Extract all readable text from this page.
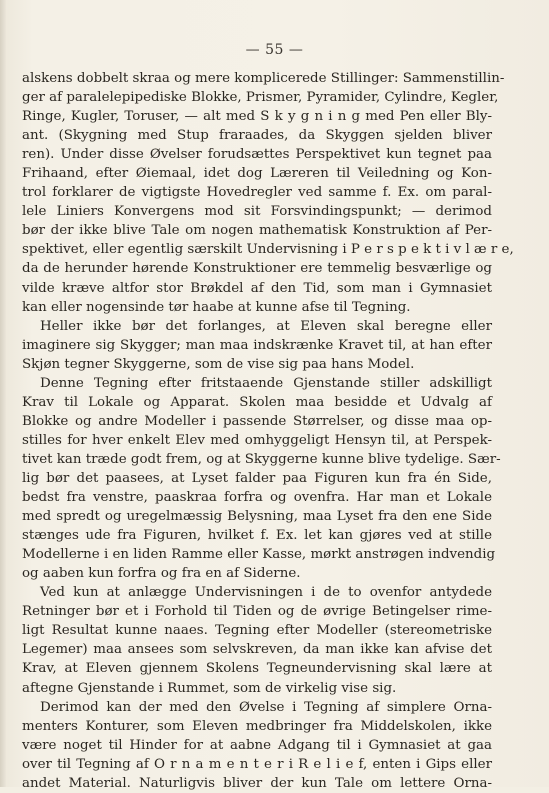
— 55 —
alskens dobbelt skraa og mere komplicerede Stillinger: Sammenstillin-
ger af paralelepipediske Blokke, Prismer, Pyramider, Cylindre, Kegler,
Ringe, Kugler, Toruser, — alt med S k y g n i n g med Pen eller Bly-
ant. (Skygning med Stup fraraades, da Skyggen sjelden bliver
ren). Under disse Øvelser forudsættes Perspektivet kun tegnet paa
Frihaand, efter Øiemaal, idet dog Læreren til Veiledning og Kon-
trol forklarer de vigtigste Hovedregler ved samme f. Ex. om paral-
lele Liniers Konvergens mod sit Forsvindingspunkt; — derimod
bør der ikke blive Tale om nogen mathematisk Konstruktion af Per-
spektivet, eller egentlig særskilt Undervisning i P e r s p e k t i v l æ r e,
da de herunder hørende Konstruktioner ere temmelig besværlige og
vilde kræve altfor stor Brøkdel af den Tid, som man i Gymnasiet
kan eller nogensinde tør haabe at kunne afse til Tegning.
Heller ikke bør det forlanges, at Eleven skal beregne eller
imaginere sig Skygger; man maa indskrænke Kravet til, at han efter
Skjøn tegner Skyggerne, som de vise sig paa hans Model.
Denne Tegning efter fritstaaende Gjenstande stiller adskilligt
Krav til Lokale og Apparat. Skolen maa besidde et Udvalg af
Blokke og andre Modeller i passende Størrelser, og disse maa op-
stilles for hver enkelt Elev med omhyggeligt Hensyn til, at Perspek-
tivet kan træde godt frem, og at Skyggerne kunne blive tydelige. Sær-
lig bør det paasees, at Lyset falder paa Figuren kun fra én Side,
bedst fra venstre, paaskraa forfra og ovenfra. Har man et Lokale
med spredt og uregelmæssig Belysning, maa Lyset fra den ene Side
stænges ude fra Figuren, hvilket f. Ex. let kan gjøres ved at stille
Modellerne i en liden Ramme eller Kasse, mørkt anstrøgen indvendig
og aaben kun forfra og fra en af Siderne.
Ved kun at anlægge Undervisningen i de to ovenfor antydede
Retninger bør et i Forhold til Tiden og de øvrige Betingelser rime-
ligt Resultat kunne naaes. Tegning efter Modeller (stereometriske
Legemer) maa ansees som selvskreven, da man ikke kan afvise det
Krav, at Eleven gjennem Skolens Tegneundervisning skal lære at
aftegne Gjenstande i Rummet, som de virkelig vise sig.
Derimod kan der med den Øvelse i Tegning af simplere Orna-
menters Konturer, som Eleven medbringer fra Middelskolen, ikke
være noget til Hinder for at aabne Adgang til i Gymnasiet at gaa
over til Tegning af O r n a m e n t e r i R e l i e f, enten i Gips eller
andet Material. Naturligvis bliver der kun Tale om lettere Orna-
